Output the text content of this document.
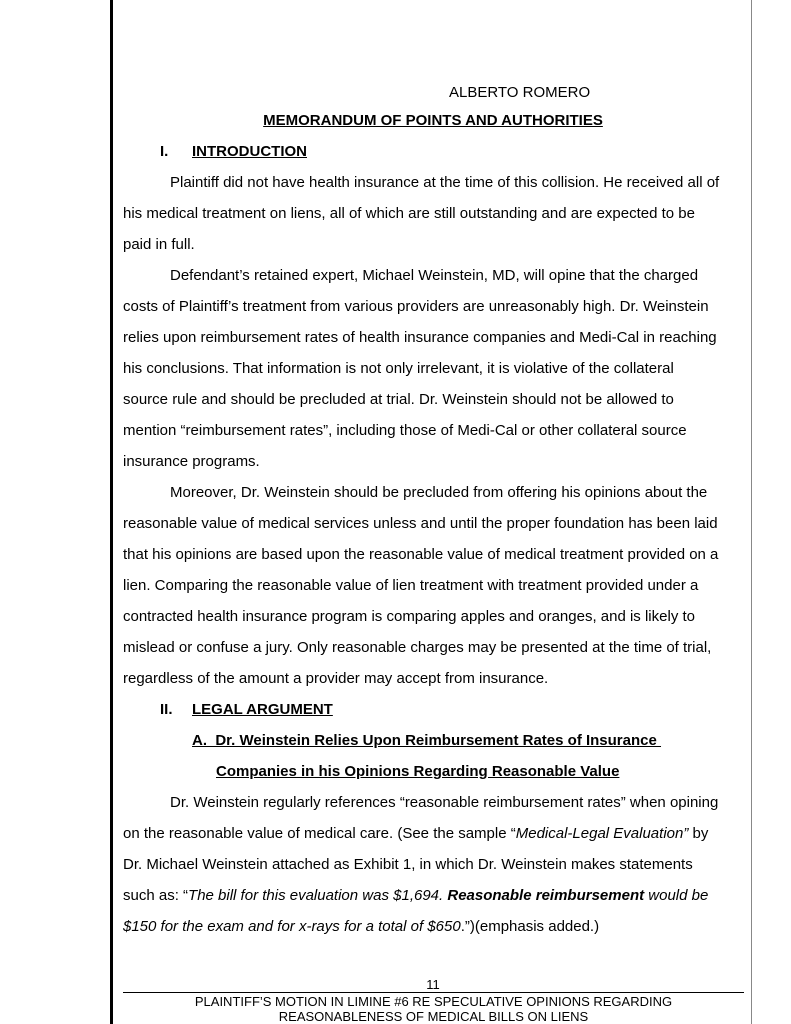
ALBERTO ROMERO
MEMORANDUM OF POINTS AND AUTHORITIES
I. INTRODUCTION
Plaintiff did not have health insurance at the time of this collision. He received all of
his medical treatment on liens, all of which are still outstanding and are expected to be
paid in full.
Defendant’s retained expert, Michael Weinstein, MD, will opine that the charged
costs of Plaintiff’s treatment from various providers are unreasonably high. Dr. Weinstein
relies upon reimbursement rates of health insurance companies and Medi-Cal in reaching
his conclusions. That information is not only irrelevant, it is violative of the collateral
source rule and should be precluded at trial. Dr. Weinstein should not be allowed to
mention “reimbursement rates”, including those of Medi-Cal or other collateral source
insurance programs.
Moreover, Dr. Weinstein should be precluded from offering his opinions about the
reasonable value of medical services unless and until the proper foundation has been laid
that his opinions are based upon the reasonable value of medical treatment provided on a
lien. Comparing the reasonable value of lien treatment with treatment provided under a
contracted health insurance program is comparing apples and oranges, and is likely to
mislead or confuse a jury. Only reasonable charges may be presented at the time of trial,
regardless of the amount a provider may accept from insurance.
II. LEGAL ARGUMENT
A.  Dr. Weinstein Relies Upon Reimbursement Rates of Insurance
Companies in his Opinions Regarding Reasonable Value
Dr. Weinstein regularly references “reasonable reimbursement rates” when opining
on the reasonable value of medical care. (See the sample “Medical-Legal Evaluation” by
Dr. Michael Weinstein attached as Exhibit 1, in which Dr. Weinstein makes statements
such as: “The bill for this evaluation was $1,694. Reasonable reimbursement would be
$150 for the exam and for x-rays for a total of $650.”)(emphasis added.)
11
PLAINTIFF’S MOTION IN LIMINE #6 RE SPECULATIVE OPINIONS REGARDING
REASONABLENESS OF MEDICAL BILLS ON LIENS
